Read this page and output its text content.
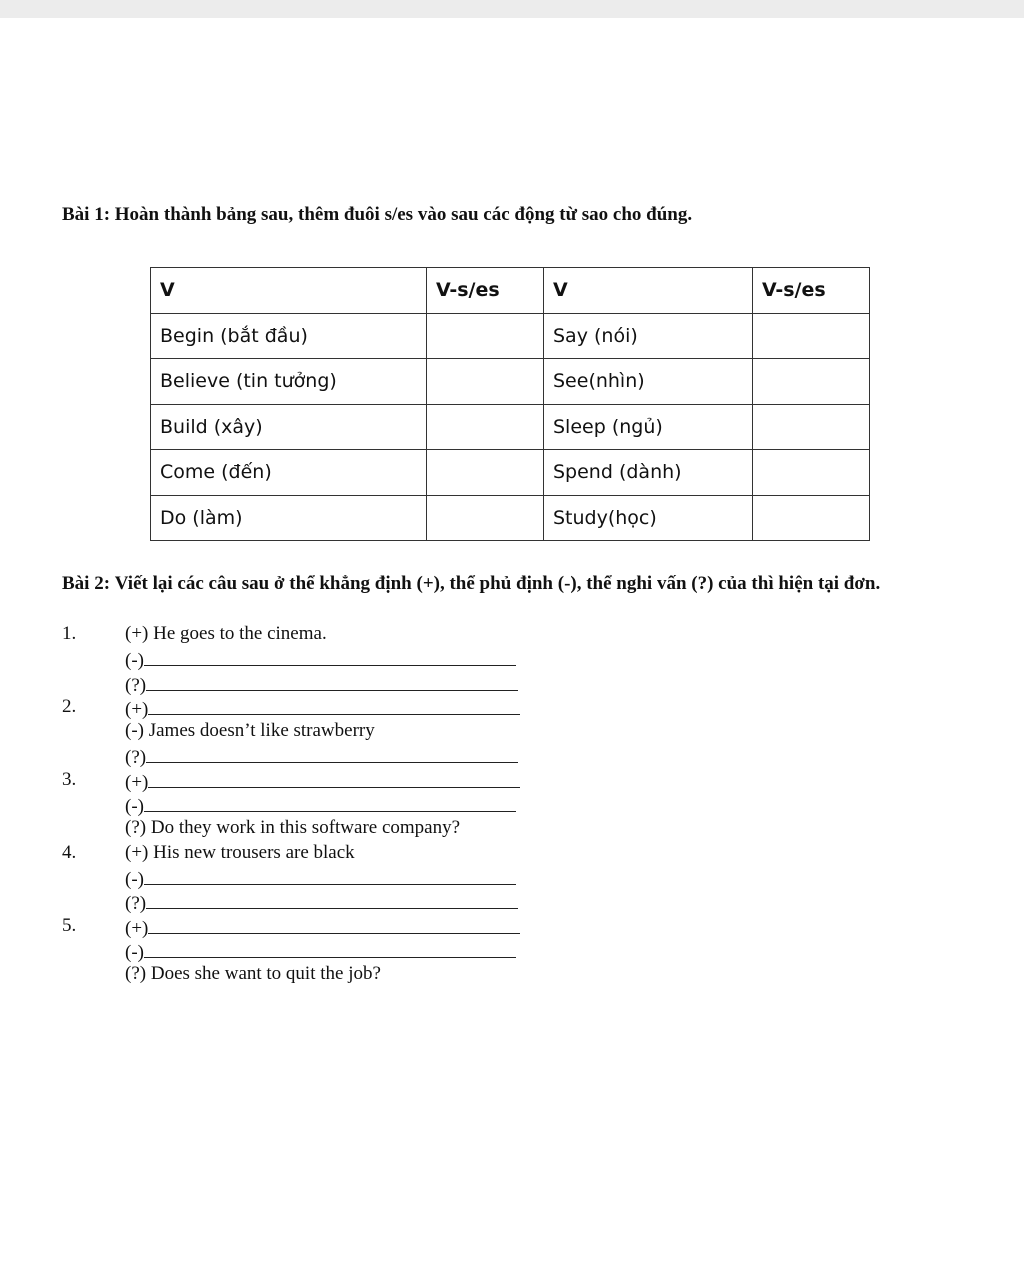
Bài 1: Hoàn thành bảng sau, thêm đuôi s/es vào sau các động từ sao cho đúng.
V	V-s/es	V	V-s/es
Begin (bắt đầu)		Say (nói)	
Believe (tin tưởng)		See(nhìn)	
Build (xây)		Sleep (ngủ)	
Come (đến)		Spend (dành)	
Do (làm)		Study(học)	
Bài 2: Viết lại các câu sau ở thể khẳng định (+), thể phủ định (-), thể nghi vấn (?) của thì hiện tại đơn.
1.	(+) He goes to the cinema.
(-)
(?)
2.	(+)
(-) James doesn’t like strawberry
(?)
3.	(+)
(-)
(?) Do they work in this software company?
4.	(+) His new trousers are black
(-)
(?)
5.	(+)
(-)
(?) Does she want to quit the job?
